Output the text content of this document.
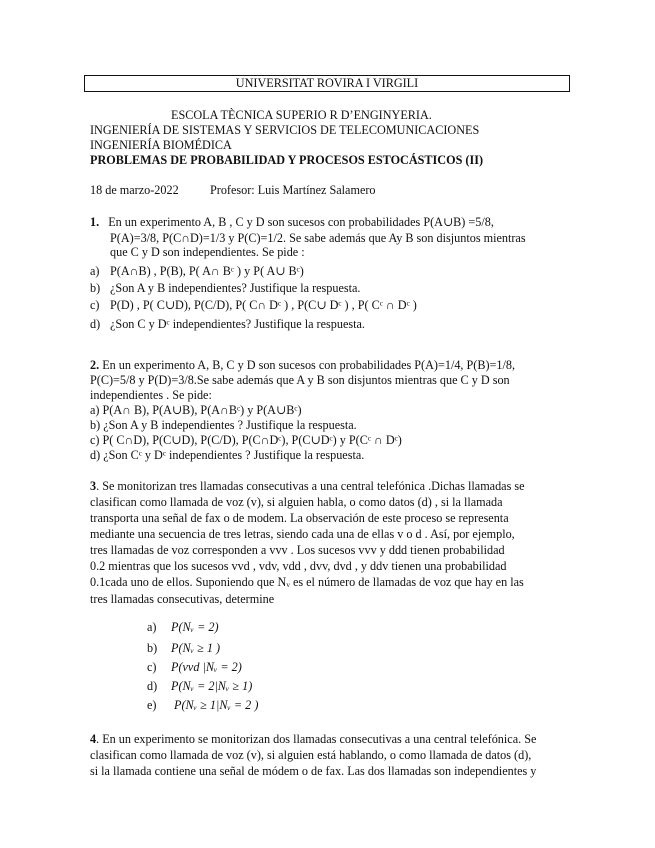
UNIVERSITAT ROVIRA I VIRGILI
ESCOLA TÈCNICA SUPERIO R D’ENGINYERIA.
INGENIERÍA DE SISTEMAS Y SERVICIOS DE TELECOMUNICACIONES
INGENIERÍA BIOMÉDICA
PROBLEMAS DE PROBABILIDAD Y PROCESOS ESTOCÁSTICOS (II)
18 de marzo-2022	Profesor: Luis Martínez Salamero
1. En un experimento A, B , C y D son sucesos con probabilidades P(A∪B) =5/8,
P(A)=3/8, P(C∩D)=1/3 y P(C)=1/2. Se sabe además que Ay B son disjuntos mientras
que C y D son independientes. Se pide :
a) P(A∩B) , P(B), P( A∩ Bᶜ ) y P( A∪ Bᶜ)
b) ¿Son A y B independientes? Justifique la respuesta.
c) P(D) , P( C∪D), P(C/D), P( C∩ Dᶜ ) , P(C∪ Dᶜ ) , P( Cᶜ ∩ Dᶜ )
d) ¿Son C y Dᶜ independientes? Justifique la respuesta.
2. En un experimento A, B, C y D son sucesos con probabilidades P(A)=1/4, P(B)=1/8,
P(C)=5/8 y P(D)=3/8.Se sabe además que A y B son disjuntos mientras que C y D son
independientes . Se pide:
a) P(A∩ B), P(A∪B), P(A∩Bᶜ) y P(A∪Bᶜ)
b) ¿Son A y B independientes ? Justifique la respuesta.
c) P( C∩D), P(C∪D), P(C/D), P(C∩Dᶜ), P(C∪Dᶜ) y P(Cᶜ ∩ Dᶜ)
d) ¿Son Cᶜ y Dᶜ independientes ? Justifique la respuesta.
3. Se monitorizan tres llamadas consecutivas a una central telefónica .Dichas llamadas se
clasifican como llamada de voz (v), si alguien habla, o como datos (d) , si la llamada
transporta una señal de fax o de modem. La observación de este proceso se representa
mediante una secuencia de tres letras, siendo cada una de ellas v o d . Así, por ejemplo,
tres llamadas de voz corresponden a vvv . Los sucesos vvv y ddd tienen probabilidad
0.2 mientras que los sucesos vvd , vdv, vdd , dvv, dvd , y ddv tienen una probabilidad
0.1cada uno de ellos. Suponiendo que Nᵥ es el número de llamadas de voz que hay en las
tres llamadas consecutivas, determine
a) P(Nᵥ = 2)
b) P(Nᵥ ≥ 1 )
c) P(vvd |Nᵥ = 2)
d) P(Nᵥ = 2|Nᵥ ≥ 1)
e) P(Nᵥ ≥ 1|Nᵥ = 2 )
4. En un experimento se monitorizan dos llamadas consecutivas a una central telefónica. Se
clasifican como llamada de voz (v), si alguien está hablando, o como llamada de datos (d),
si la llamada contiene una señal de módem o de fax. Las dos llamadas son independientes y
